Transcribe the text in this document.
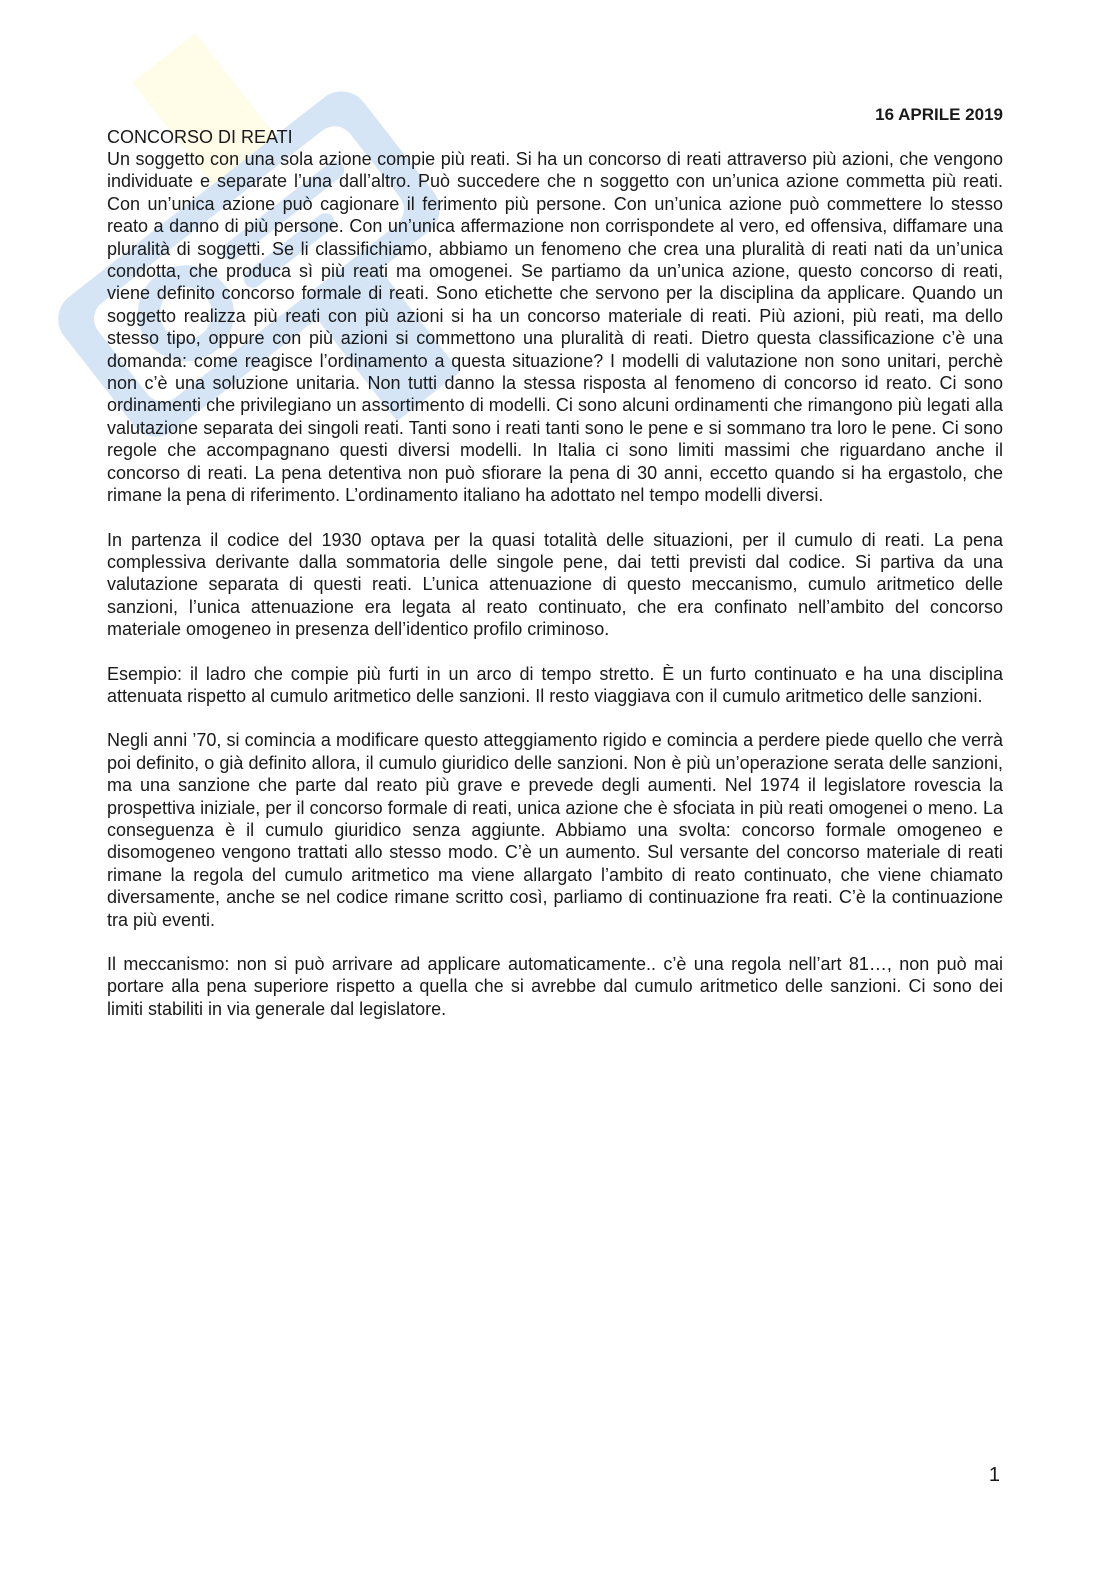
16 APRILE 2019
CONCORSO DI REATI

Un soggetto con una sola azione compie più reati. Si ha un concorso di reati attraverso più azioni, che vengono individuate e separate l’una dall’altro. Può succedere che n soggetto con un’unica azione commetta più reati. Con un’unica azione può cagionare il ferimento più persone. Con un’unica azione può commettere lo stesso reato a danno di più persone. Con un’unica affermazione non corrispondete al vero, ed offensiva, diffamare una pluralità di soggetti. Se li classifichiamo, abbiamo un fenomeno che crea una pluralità di reati nati da un’unica condotta, che produca sì più reati ma omogenei. Se partiamo da un’unica azione, questo concorso di reati, viene definito concorso formale di reati. Sono etichette che servono per la disciplina da applicare. Quando un soggetto realizza più reati con più azioni si ha un concorso materiale di reati. Più azioni, più reati, ma dello stesso tipo, oppure con più azioni si commettono una pluralità di reati. Dietro questa classificazione c’è una domanda: come reagisce l’ordinamento a questa situazione? I modelli di valutazione non sono unitari, perchè non c’è una soluzione unitaria. Non tutti danno la stessa risposta al fenomeno di concorso id reato. Ci sono ordinamenti che privilegiano un assortimento di modelli. Ci sono alcuni ordinamenti che rimangono più legati alla valutazione separata dei singoli reati. Tanti sono i reati tanti sono le pene e si sommano tra loro le pene. Ci sono regole che accompagnano questi diversi modelli. In Italia ci sono limiti massimi che riguardano anche il concorso di reati. La pena detentiva non può sfiorare la pena di 30 anni, eccetto quando si ha ergastolo, che rimane la pena di riferimento. L’ordinamento italiano ha adottato nel tempo modelli diversi.

In partenza il codice del 1930 optava per la quasi totalità delle situazioni, per il cumulo di reati. La pena complessiva derivante dalla sommatoria delle singole pene, dai tetti previsti dal codice. Si partiva da una valutazione separata di questi reati. L’unica attenuazione di questo meccanismo, cumulo aritmetico delle sanzioni, l’unica attenuazione era legata al reato continuato, che era confinato nell’ambito del concorso materiale omogeneo in presenza dell’identico profilo criminoso.

Esempio: il ladro che compie più furti in un arco di tempo stretto. È un furto continuato e ha una disciplina attenuata rispetto al cumulo aritmetico delle sanzioni. Il resto viaggiava con il cumulo aritmetico delle sanzioni.

Negli anni ’70, si comincia a modificare questo atteggiamento rigido e comincia a perdere piede quello che verrà poi definito, o già definito allora, il cumulo giuridico delle sanzioni. Non è più un’operazione serata delle sanzioni, ma una sanzione che parte dal reato più grave e prevede degli aumenti. Nel 1974 il legislatore rovescia la prospettiva iniziale, per il concorso formale di reati, unica azione che è sfociata in più reati omogenei o meno. La conseguenza è il cumulo giuridico senza aggiunte. Abbiamo una svolta: concorso formale omogeneo e disomogeneo vengono trattati allo stesso modo. C’è un aumento. Sul versante del concorso materiale di reati rimane la regola del cumulo aritmetico ma viene allargato l’ambito di reato continuato, che viene chiamato diversamente, anche se nel codice rimane scritto così, parliamo di continuazione fra reati. C’è la continuazione tra più eventi.

Il meccanismo: non si può arrivare ad applicare automaticamente.. c’è una regola nell’art 81…, non può mai portare alla pena superiore rispetto a quella che si avrebbe dal cumulo aritmetico delle sanzioni. Ci sono dei limiti stabiliti in via generale dal legislatore.

1
